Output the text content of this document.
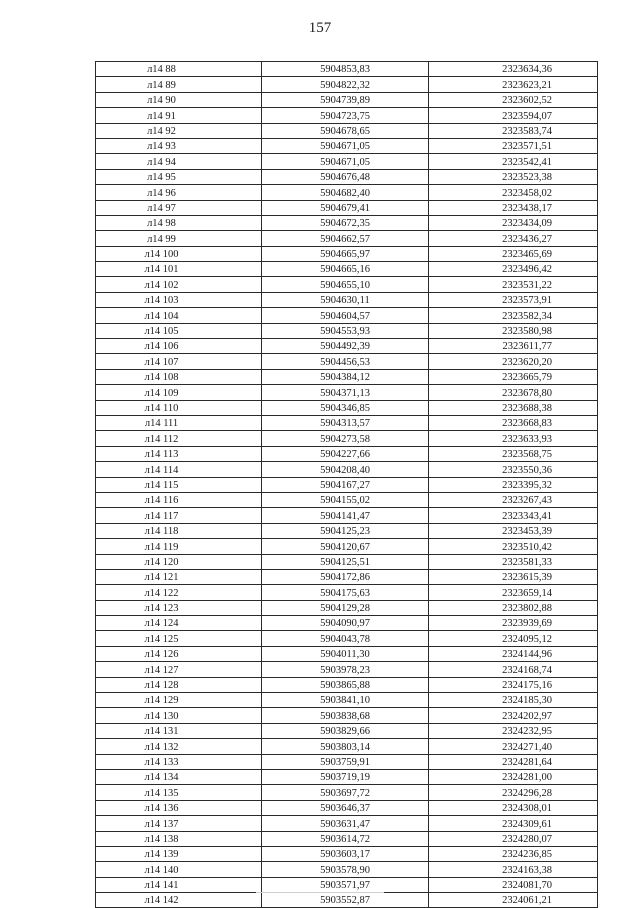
157
л14 88	5904853,83	2323634,36
л14 89	5904822,32	2323623,21
л14 90	5904739,89	2323602,52
л14 91	5904723,75	2323594,07
л14 92	5904678,65	2323583,74
л14 93	5904671,05	2323571,51
л14 94	5904671,05	2323542,41
л14 95	5904676,48	2323523,38
л14 96	5904682,40	2323458,02
л14 97	5904679,41	2323438,17
л14 98	5904672,35	2323434,09
л14 99	5904662,57	2323436,27
л14 100	5904665,97	2323465,69
л14 101	5904665,16	2323496,42
л14 102	5904655,10	2323531,22
л14 103	5904630,11	2323573,91
л14 104	5904604,57	2323582,34
л14 105	5904553,93	2323580,98
л14 106	5904492,39	2323611,77
л14 107	5904456,53	2323620,20
л14 108	5904384,12	2323665,79
л14 109	5904371,13	2323678,80
л14 110	5904346,85	2323688,38
л14 111	5904313,57	2323668,83
л14 112	5904273,58	2323633,93
л14 113	5904227,66	2323568,75
л14 114	5904208,40	2323550,36
л14 115	5904167,27	2323395,32
л14 116	5904155,02	2323267,43
л14 117	5904141,47	2323343,41
л14 118	5904125,23	2323453,39
л14 119	5904120,67	2323510,42
л14 120	5904125,51	2323581,33
л14 121	5904172,86	2323615,39
л14 122	5904175,63	2323659,14
л14 123	5904129,28	2323802,88
л14 124	5904090,97	2323939,69
л14 125	5904043,78	2324095,12
л14 126	5904011,30	2324144,96
л14 127	5903978,23	2324168,74
л14 128	5903865,88	2324175,16
л14 129	5903841,10	2324185,30
л14 130	5903838,68	2324202,97
л14 131	5903829,66	2324232,95
л14 132	5903803,14	2324271,40
л14 133	5903759,91	2324281,64
л14 134	5903719,19	2324281,00
л14 135	5903697,72	2324296,28
л14 136	5903646,37	2324308,01
л14 137	5903631,47	2324309,61
л14 138	5903614,72	2324280,07
л14 139	5903603,17	2324236,85
л14 140	5903578,90	2324163,38
л14 141	5903571,97	2324081,70
л14 142	5903552,87	2324061,21
